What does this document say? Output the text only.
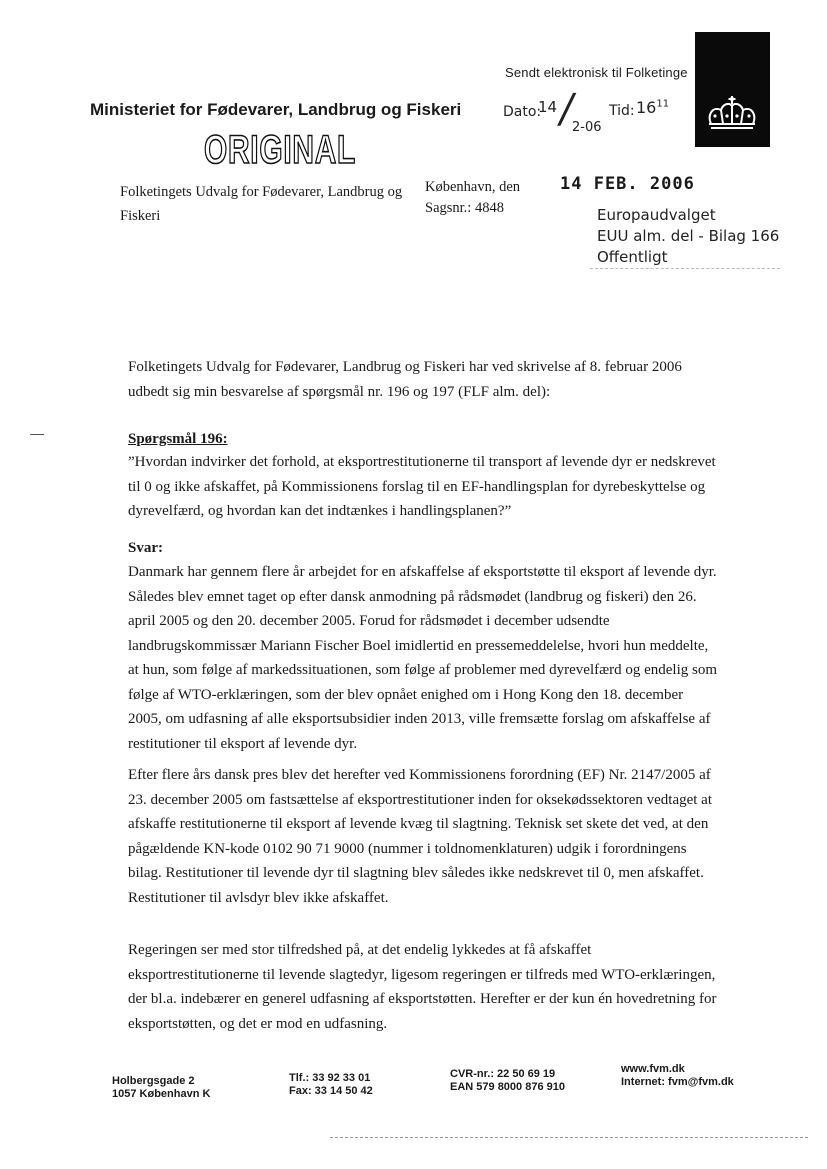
Sendt elektronisk til Folketinge
Ministeriet for Fødevarer, Landbrug og Fiskeri	Dato:
14
/
2-06
Tid: $16^{11}$
ORIGINAL
Folketingets Udvalg for Fødevarer, Landbrug og Fiskeri
København, den
Sagsnr.: 4848
14 FEB. 2006
Europaudvalget
EUU alm. del - Bilag 166
Offentligt
Folketingets Udvalg for Fødevarer, Landbrug og Fiskeri har ved skrivelse af 8. februar 2006 udbedt sig min besvarelse af spørgsmål nr. 196 og 197 (FLF alm. del):
Spørgsmål 196:
”Hvordan indvirker det forhold, at eksportrestitutionerne til transport af levende dyr er nedskrevet til 0 og ikke afskaffet, på Kommissionens forslag til en EF-handlingsplan for dyrebeskyttelse og dyrevelfærd, og hvordan kan det indtænkes i handlingsplanen?”
Svar:
Danmark har gennem flere år arbejdet for en afskaffelse af eksportstøtte til eksport af levende dyr. Således blev emnet taget op efter dansk anmodning på rådsmødet (landbrug og fiskeri) den 26. april 2005 og den 20. december 2005. Forud for rådsmødet i december udsendte landbrugskommissær Mariann Fischer Boel imidlertid en pressemeddelelse, hvori hun meddelte, at hun, som følge af markedssituationen, som følge af problemer med dyrevelfærd og endelig som følge af WTO-erklæringen, som der blev opnået enighed om i Hong Kong den 18. december 2005, om udfasning af alle eksportsubsidier inden 2013, ville fremsætte forslag om afskaffelse af restitutioner til eksport af levende dyr.
Efter flere års dansk pres blev det herefter ved Kommissionens forordning (EF) Nr. 2147/2005 af 23. december 2005 om fastsættelse af eksportrestitutioner inden for oksekødssektoren vedtaget at afskaffe restitutionerne til eksport af levende kvæg til slagtning. Teknisk set skete det ved, at den pågældende KN-kode 0102 90 71 9000 (nummer i toldnomenklaturen) udgik i forordningens bilag. Restitutioner til levende dyr til slagtning blev således ikke nedskrevet til 0, men afskaffet. Restitutioner til avlsdyr blev ikke afskaffet.
Regeringen ser med stor tilfredshed på, at det endelig lykkedes at få afskaffet eksportrestitutionerne til levende slagtedyr, ligesom regeringen er tilfreds med WTO-erklæringen, der bl.a. indebærer en generel udfasning af eksportstøtten. Herefter er der kun én hovedretning for eksportstøtten, og det er mod en udfasning.
Holbergsgade 2
1057 København K
Tlf.: 33 92 33 01
Fax: 33 14 50 42
CVR-nr.: 22 50 69 19
EAN 579 8000 876 910
www.fvm.dk
Internet: fvm@fvm.dk
